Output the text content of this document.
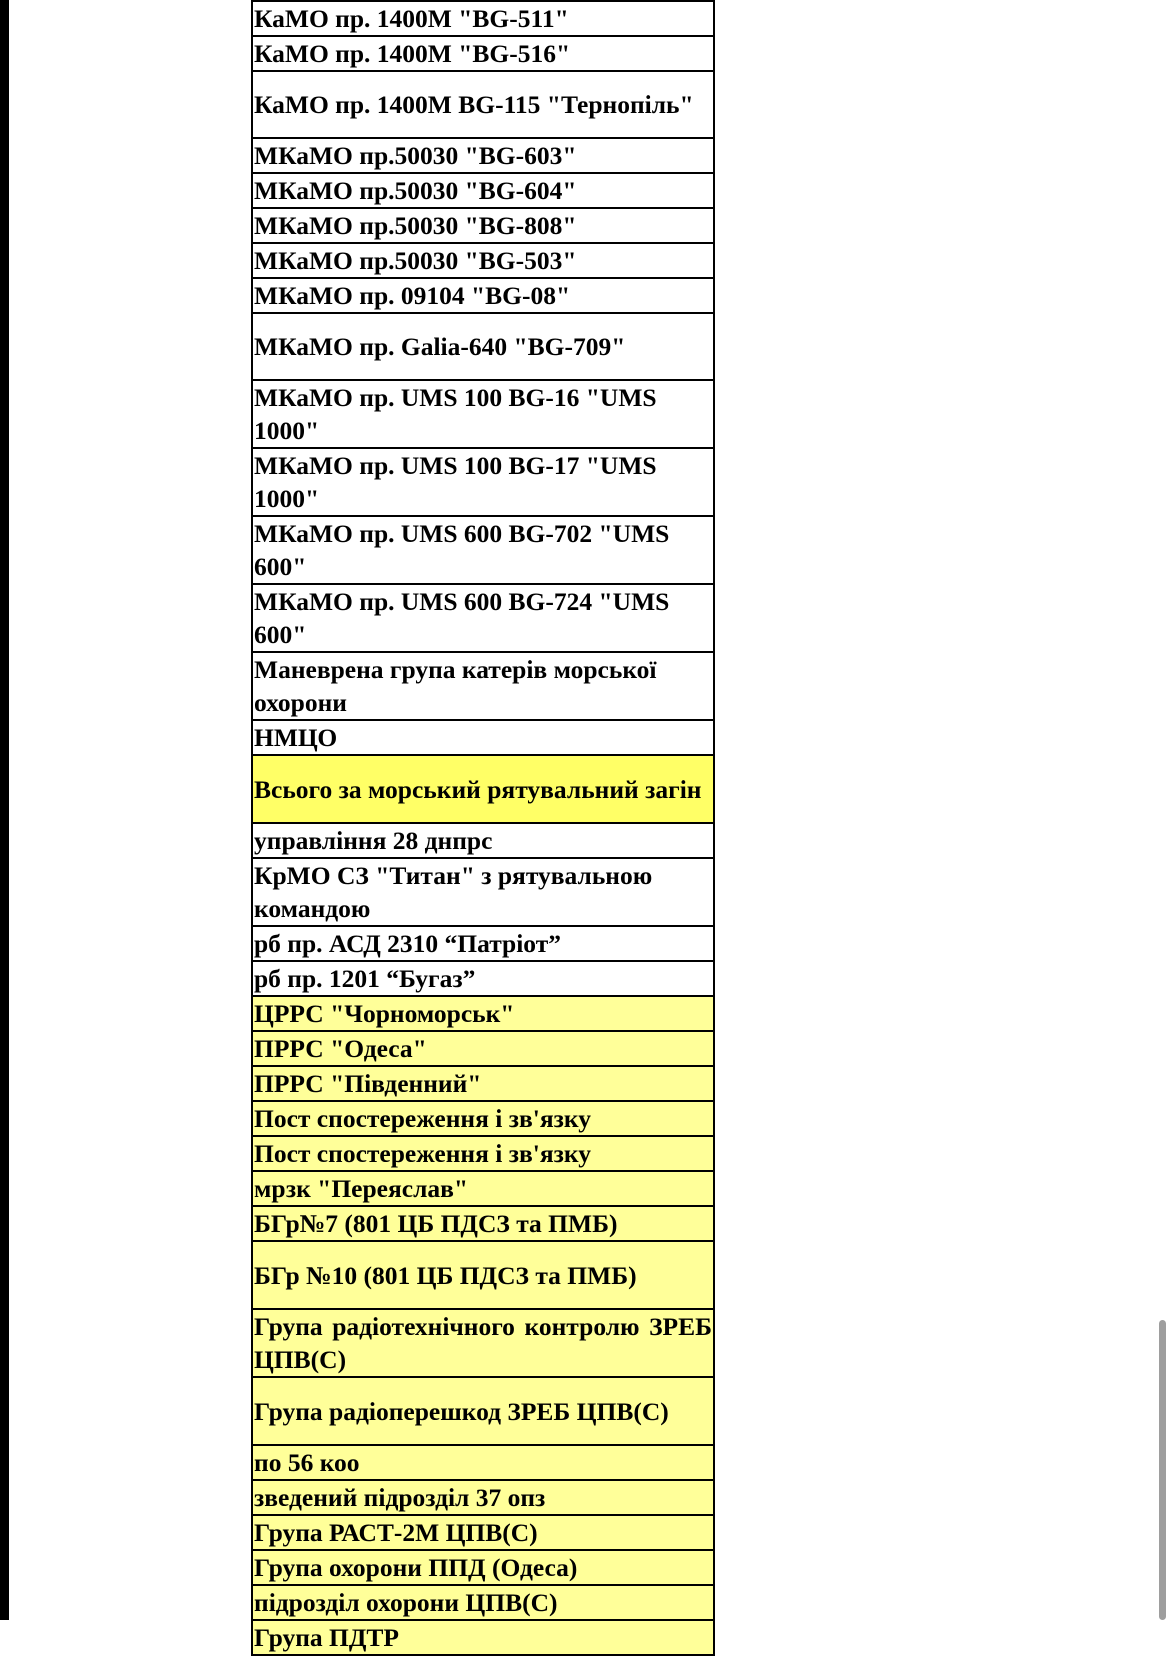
КаМО пр. 1400М "BG-511"
КаМО пр. 1400М "BG-516"
КаМО пр. 1400М BG-115 "Тернопіль"
МКаМО пр.50030 "BG-603"
МКаМО пр.50030 "BG-604"
МКаМО пр.50030 "BG-808"
МКаМО пр.50030 "BG-503"
МКаМО пр. 09104 "BG-08"
МКаМО пр. Galia-640 "BG-709"
МКаМО пр. UMS 100 BG-16 "UMS 1000"
МКаМО пр. UMS 100 BG-17 "UMS 1000"
МКаМО пр. UMS 600 BG-702 "UMS 600"
МКаМО пр. UMS 600 BG-724 "UMS 600"
Маневрена група катерів морської охорони
НМЦО
Всього за морський рятувальний загін
управління 28 днпрс
КрМО СЗ "Титан" з рятувальною командою
рб пр. АСД 2310 “Патріот”
рб пр. 1201 “Бугаз”
ЦРРС "Чорноморськ"
ПРРС "Одеса"
ПРРС "Південний"
Пост спостереження і зв'язку
Пост спостереження і зв'язку
мрзк "Переяслав"
БГр№7 (801 ЦБ ПДСЗ та ПМБ)
БГр №10 (801 ЦБ ПДСЗ та ПМБ)
Група радіотехнічного контролю ЗРЕБ ЦПВ(С)
Група радіоперешкод ЗРЕБ ЦПВ(С)
по 56 коо
зведений підрозділ 37 опз
Група РАСТ-2М ЦПВ(С)
Група охорони ППД (Одеса)
підрозділ охорони ЦПВ(С)
Група ПДТР
